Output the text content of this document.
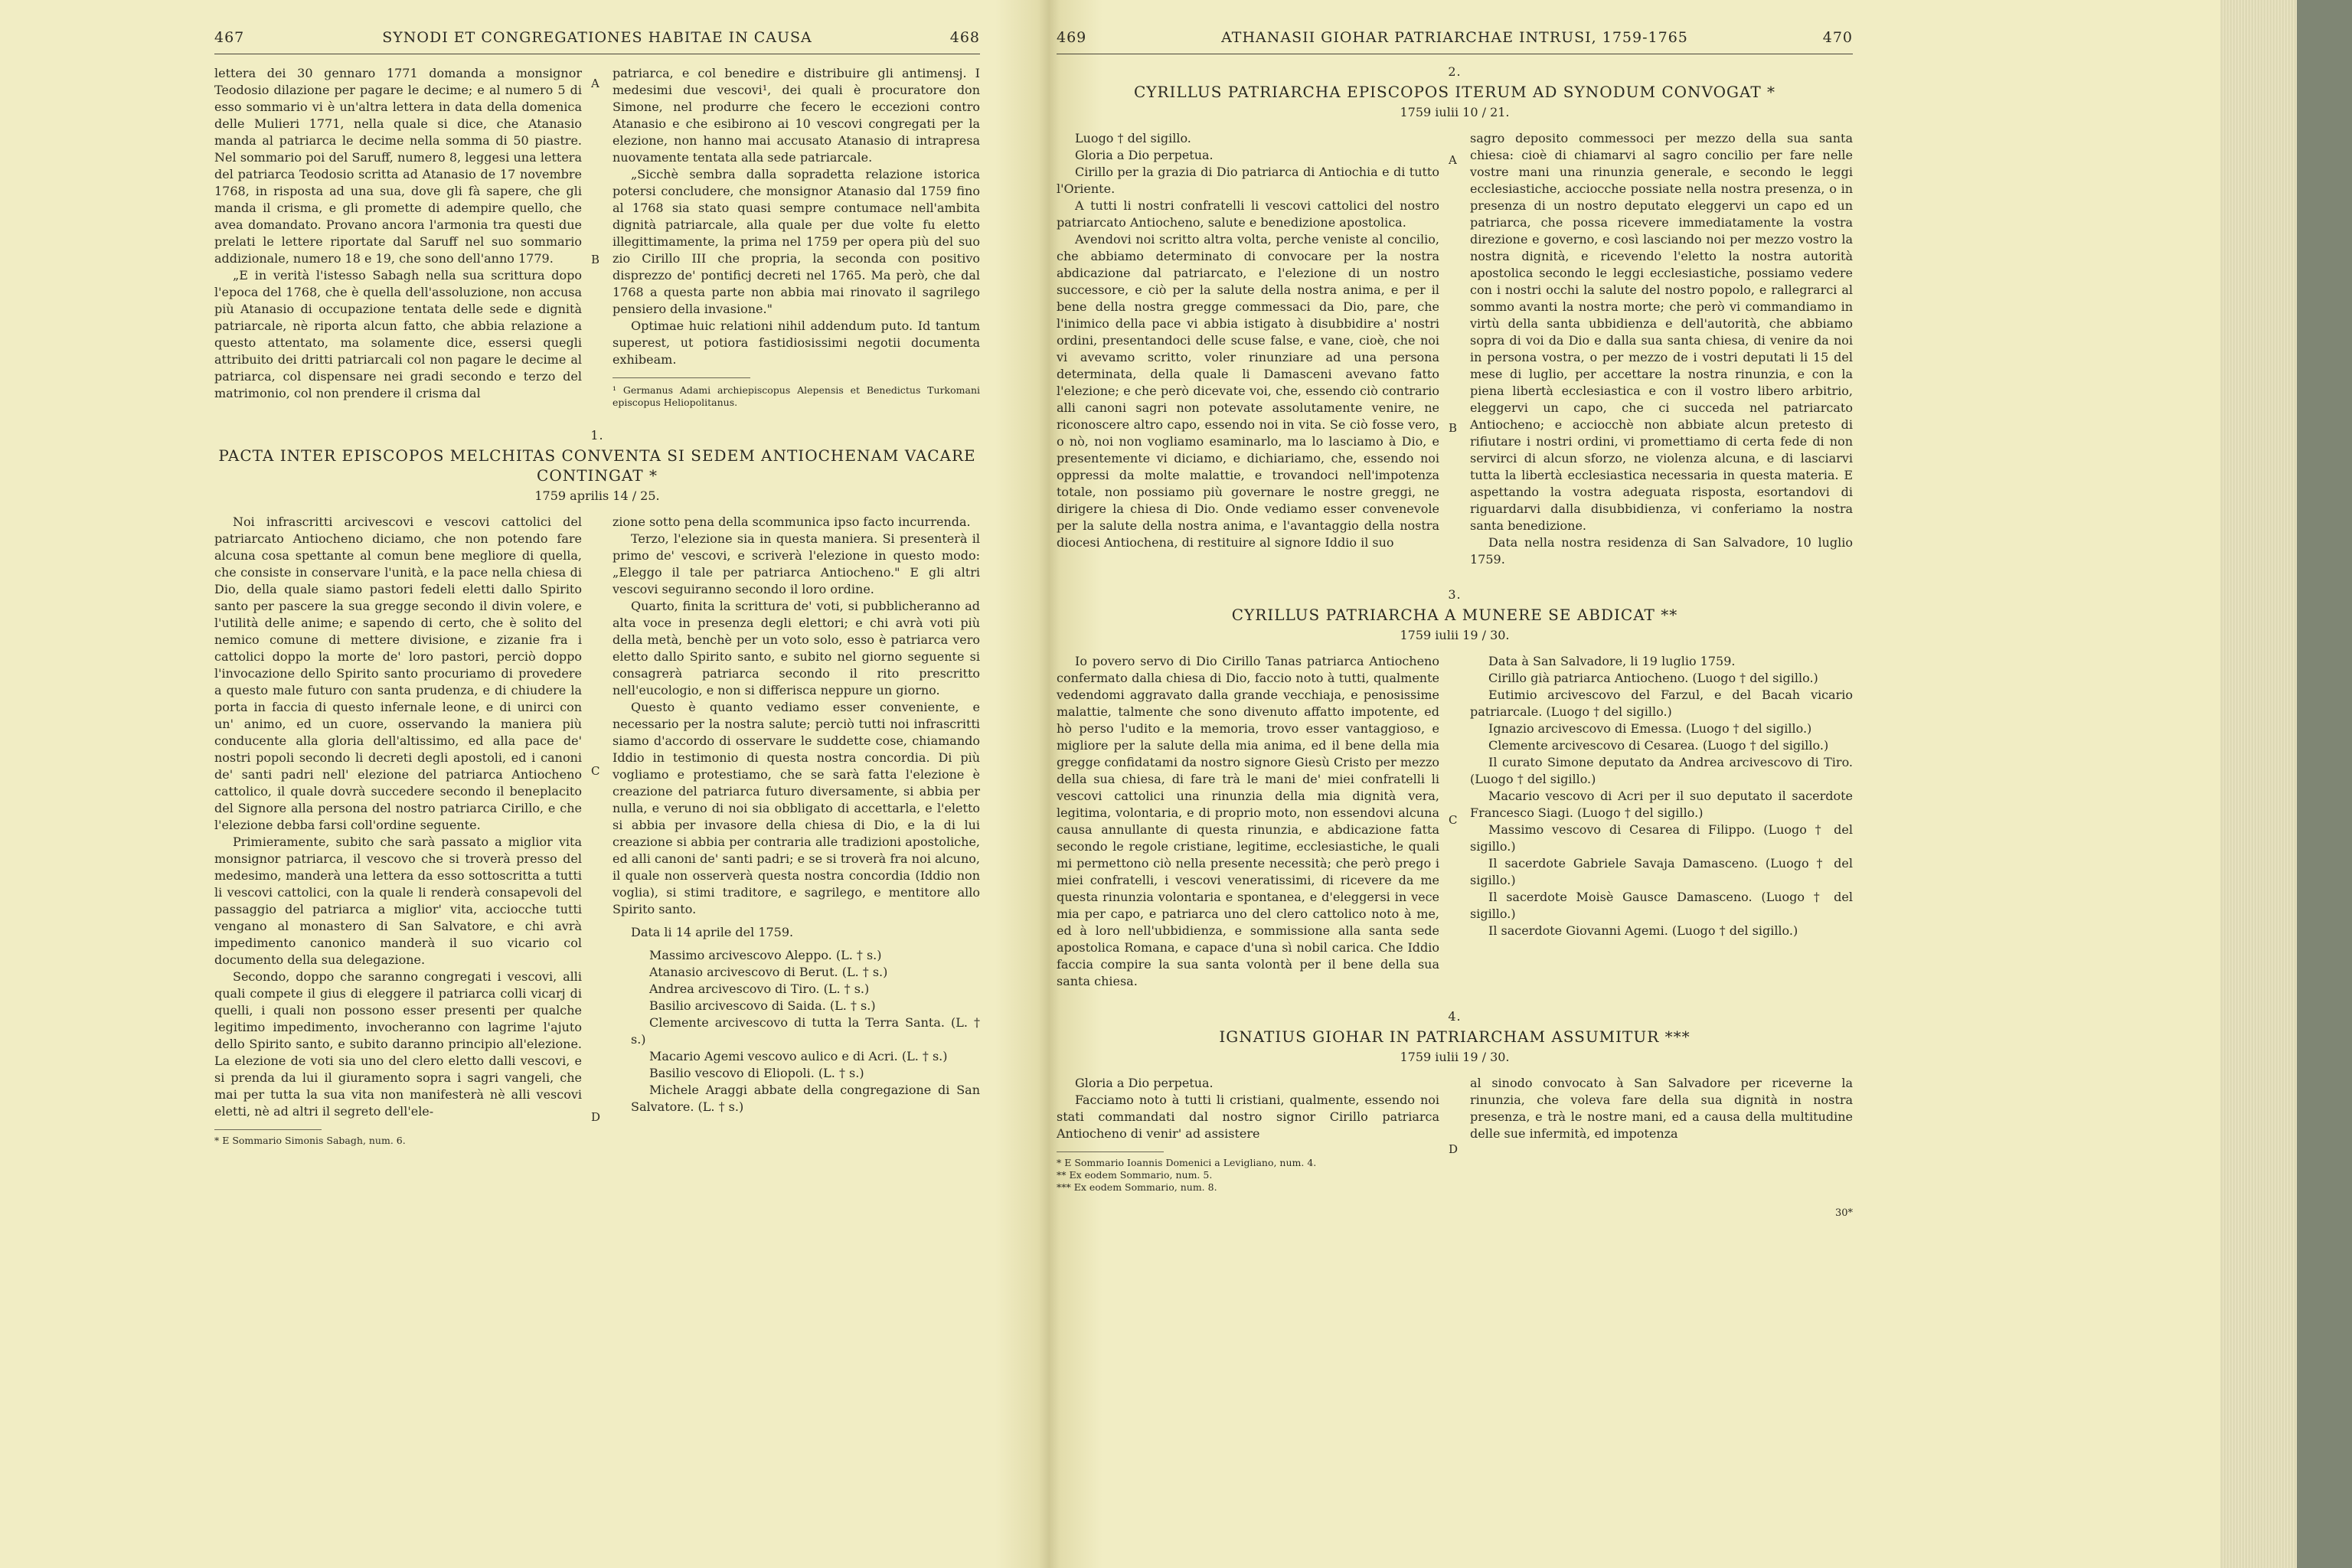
467	SYNODI ET CONGREGATIONES HABITAE IN CAUSA	468

lettera dei 30 gennaro 1771 domanda a monsignor Teodosio dilazione per pagare le decime; e al numero 5 di esso sommario vi è un'altra lettera in data della domenica delle Mulieri 1771, nella quale si dice, che Atanasio manda al patriarca le decime nella somma di 50 piastre. Nel sommario poi del Saruff, numero 8, leggesi una lettera del patriarca Teodosio scritta ad Atanasio de 17 novembre 1768, in risposta ad una sua, dove gli fà sapere, che gli manda il crisma, e gli promette di adempire quello, che avea domandato. Provano ancora l'armonia tra questi due prelati le lettere riportate dal Saruff nel suo sommario addizionale, numero 18 e 19, che sono dell'anno 1779.

„E in verità l'istesso Sabagh nella sua scrittura dopo l'epoca del 1768, che è quella dell'assoluzione, non accusa più Atanasio di occupazione tentata delle sede e dignità patriarcale, nè riporta alcun fatto, che abbia relazione a questo attentato, ma solamente dice, essersi quegli attribuito dei dritti patriarcali col non pagare le decime al patriarca, col dispensare nei gradi secondo e terzo del matrimonio, col non prendere il crisma dal

patriarca, e col benedire e distribuire gli antimensj. I medesimi due vescovi¹, dei quali è procuratore don Simone, nel produrre che fecero le eccezioni contro Atanasio e che esibirono ai 10 vescovi congregati per la elezione, non hanno mai accusato Atanasio di intrapresa nuovamente tentata alla sede patriarcale.

„Sicchè sembra dalla sopradetta relazione istorica potersi concludere, che monsignor Atanasio dal 1759 fino al 1768 sia stato quasi sempre contumace nell'ambita dignità patriarcale, alla quale per due volte fu eletto illegittimamente, la prima nel 1759 per opera più del suo zio Cirillo III che propria, la seconda con positivo disprezzo de' pontificj decreti nel 1765. Ma però, che dal 1768 a questa parte non abbia mai rinovato il sagrilego pensiero della invasione."

Optimae huic relationi nihil addendum puto. Id tantum superest, ut potiora fastidiosissimi negotii documenta exhibeam.

¹ Germanus Adami archiepiscopus Alepensis et Benedictus Turkomani episcopus Heliopolitanus.
1.
PACTA INTER EPISCOPOS MELCHITAS CONVENTA SI SEDEM ANTIOCHENAM VACARE CONTINGAT *
1759 aprilis 14 / 25.

Noi infrascritti arcivescovi e vescovi cattolici del patriarcato Antiocheno diciamo, che non potendo fare alcuna cosa spettante al comun bene megliore di quella, che consiste in conservare l'unità, e la pace nella chiesa di Dio, della quale siamo pastori fedeli eletti dallo Spirito santo per pascere la sua gregge secondo il divin volere, e l'utilità delle anime; e sapendo di certo, che è solito del nemico comune di mettere divisione, e zizanie fra i cattolici doppo la morte de' loro pastori, perciò doppo l'invocazione dello Spirito santo procuriamo di provedere a questo male futuro con santa prudenza, e di chiudere la porta in faccia di questo infernale leone, e di unirci con un' animo, ed un cuore, osservando la maniera più conducente alla gloria dell'altissimo, ed alla pace de' nostri popoli secondo li decreti degli apostoli, ed i canoni de' santi padri nell' elezione del patriarca Antiocheno cattolico, il quale dovrà succedere secondo il beneplacito del Signore alla persona del nostro patriarca Cirillo, e che l'elezione debba farsi coll'ordine seguente.

Primieramente, subito che sarà passato a miglior vita monsignor patriarca, il vescovo che si troverà presso del medesimo, manderà una lettera da esso sottoscritta a tutti li vescovi cattolici, con la quale li renderà consapevoli del passaggio del patriarca a miglior' vita, acciocche tutti vengano al monastero di San Salvatore, e chi avrà impedimento canonico manderà il suo vicario col documento della sua delegazione.

Secondo, doppo che saranno congregati i vescovi, alli quali compete il gius di eleggere il patriarca colli vicarj di quelli, i quali non possono esser presenti per qualche legitimo impedimento, invocheranno con lagrime l'ajuto dello Spirito santo, e subito daranno principio all'elezione. La elezione de voti sia uno del clero eletto dalli vescovi, e si prenda da lui il giuramento sopra i sagri vangeli, che mai per tutta la sua vita non manifesterà nè alli vescovi eletti, nè ad altri il segreto dell'ele-

* E Sommario Simonis Sabagh, num. 6.

zione sotto pena della scommunica ipso facto incurrenda.

Terzo, l'elezione sia in questa maniera. Si presenterà il primo de' vescovi, e scriverà l'elezione in questo modo: „Eleggo il tale per patriarca Antiocheno." E gli altri vescovi seguiranno secondo il loro ordine.

Quarto, finita la scrittura de' voti, si pubblicheranno ad alta voce in presenza degli elettori; e chi avrà voti più della metà, benchè per un voto solo, esso è patriarca vero eletto dallo Spirito santo, e subito nel giorno seguente si consagrerà patriarca secondo il rito prescritto nell'eucologio, e non si differisca neppure un giorno.

Questo è quanto vediamo esser conveniente, e necessario per la nostra salute; perciò tutti noi infrascritti siamo d'accordo di osservare le suddette cose, chiamando Iddio in testimonio di questa nostra concordia. Di più vogliamo e protestiamo, che se sarà fatta l'elezione è creazione del patriarca futuro diversamente, si abbia per nulla, e veruno di noi sia obbligato di accettarla, e l'eletto si abbia per invasore della chiesa di Dio, e la di lui creazione si abbia per contraria alle tradizioni apostoliche, ed alli canoni de' santi padri; e se si troverà fra noi alcuno, il quale non osserverà questa nostra concordia (Iddio non voglia), si stimi traditore, e sagrilego, e mentitore allo Spirito santo.

Data li 14 aprile del 1759.

Massimo arcivescovo Aleppo. (L. † s.)

Atanasio arcivescovo di Berut. (L. † s.)

Andrea arcivescovo di Tiro. (L. † s.)

Basilio arcivescovo di Saida. (L. † s.)

Clemente arcivescovo di tutta la Terra Santa. (L. † s.)

Macario Agemi vescovo aulico e di Acri. (L. † s.)

Basilio vescovo di Eliopoli. (L. † s.)

Michele Araggi abbate della congregazione di San Salvatore. (L. † s.)

A
B
C
D
469	ATHANASII GIOHAR PATRIARCHAE INTRUSI, 1759-1765	470
2.
CYRILLUS PATRIARCHA EPISCOPOS ITERUM AD SYNODUM CONVOGAT *
1759 iulii 10 / 21.

Luogo † del sigillo.

Gloria a Dio perpetua.

Cirillo per la grazia di Dio patriarca di Antiochia e di tutto l'Oriente.

A tutti li nostri confratelli li vescovi cattolici del nostro patriarcato Antiocheno, salute e benedizione apostolica.

Avendovi noi scritto altra volta, perche veniste al concilio, che abbiamo determinato di convocare per la nostra abdicazione dal patriarcato, e l'elezione di un nostro successore, e ciò per la salute della nostra anima, e per il bene della nostra gregge commessaci da Dio, pare, che l'inimico della pace vi abbia istigato à disubbidire a' nostri ordini, presentandoci delle scuse false, e vane, cioè, che noi vi avevamo scritto, voler rinunziare ad una persona determinata, della quale li Damasceni avevano fatto l'elezione; e che però dicevate voi, che, essendo ciò contrario alli canoni sagri non potevate assolutamente venire, ne riconoscere altro capo, essendo noi in vita. Se ciò fosse vero, o nò, noi non vogliamo esaminarlo, ma lo lasciamo à Dio, e presentemente vi diciamo, e dichiariamo, che, essendo noi oppressi da molte malattie, e trovandoci nell'impotenza totale, non possiamo più governare le nostre greggi, ne dirigere la chiesa di Dio. Onde vediamo esser convenevole per la salute della nostra anima, e l'avantaggio della nostra diocesi Antiochena, di restituire al signore Iddio il suo

sagro deposito commessoci per mezzo della sua santa chiesa: cioè di chiamarvi al sagro concilio per fare nelle vostre mani una rinunzia generale, e secondo le leggi ecclesiastiche, acciocche possiate nella nostra presenza, o in presenza di un nostro deputato eleggervi un capo ed un patriarca, che possa ricevere immediatamente la vostra direzione e governo, e così lasciando noi per mezzo vostro la nostra dignità, e ricevendo l'eletto la nostra autorità apostolica secondo le leggi ecclesiastiche, possiamo vedere con i nostri occhi la salute del nostro popolo, e rallegrarci al sommo avanti la nostra morte; che però vi commandiamo in virtù della santa ubbidienza e dell'autorità, che abbiamo sopra di voi da Dio e dalla sua santa chiesa, di venire da noi in persona vostra, o per mezzo de i vostri deputati li 15 del mese di luglio, per accettare la nostra rinunzia, e con la piena libertà ecclesiastica e con il vostro libero arbitrio, eleggervi un capo, che ci succeda nel patriarcato Antiocheno; e acciocchè non abbiate alcun pretesto di rifiutare i nostri ordini, vi promettiamo di certa fede di non servirci di alcun sforzo, ne violenza alcuna, e di lasciarvi tutta la libertà ecclesiastica necessaria in questa materia. E aspettando la vostra adeguata risposta, esortandovi di riguardarvi dalla disubbidienza, vi conferiamo la nostra santa benedizione.

Data nella nostra residenza di San Salvadore, 10 luglio 1759.

3.
CYRILLUS PATRIARCHA A MUNERE SE ABDICAT **
1759 iulii 19 / 30.

Io povero servo di Dio Cirillo Tanas patriarca Antiocheno confermato dalla chiesa di Dio, faccio noto à tutti, qualmente vedendomi aggravato dalla grande vecchiaja, e penosissime malattie, talmente che sono divenuto affatto impotente, ed hò perso l'udito e la memoria, trovo esser vantaggioso, e migliore per la salute della mia anima, ed il bene della mia gregge confidatami da nostro signore Giesù Cristo per mezzo della sua chiesa, di fare trà le mani de' miei confratelli li vescovi cattolici una rinunzia della mia dignità vera, legitima, volontaria, e di proprio moto, non essendovi alcuna causa annullante di questa rinunzia, e abdicazione fatta secondo le regole cristiane, legitime, ecclesiastiche, le quali mi permettono ciò nella presente necessità; che però prego i miei confratelli, i vescovi veneratissimi, di ricevere da me questa rinunzia volontaria e spontanea, e d'eleggersi in vece mia per capo, e patriarca uno del clero cattolico noto à me, ed à loro nell'ubbidienza, e sommissione alla santa sede apostolica Romana, e capace d'una sì nobil carica. Che Iddio faccia compire la sua santa volontà per il bene della sua santa chiesa.

Data à San Salvadore, li 19 luglio 1759.

Cirillo già patriarca Antiocheno. (Luogo † del sigillo.)

Eutimio arcivescovo del Farzul, e del Bacah vicario patriarcale. (Luogo † del sigillo.)

Ignazio arcivescovo di Emessa. (Luogo † del sigillo.)

Clemente arcivescovo di Cesarea. (Luogo † del sigillo.)

Il curato Simone deputato da Andrea arcivescovo di Tiro. (Luogo † del sigillo.)

Macario vescovo di Acri per il suo deputato il sacerdote Francesco Siagi. (Luogo † del sigillo.)

Massimo vescovo di Cesarea di Filippo. (Luogo † del sigillo.)

Il sacerdote Gabriele Savaja Damasceno. (Luogo † del sigillo.)

Il sacerdote Moisè Gausce Damasceno. (Luogo † del sigillo.)

Il sacerdote Giovanni Agemi. (Luogo † del sigillo.)

4.
IGNATIUS GIOHAR IN PATRIARCHAM ASSUMITUR ***
1759 iulii 19 / 30.

Gloria a Dio perpetua.

Facciamo noto à tutti li cristiani, qualmente, essendo noi stati commandati dal nostro signor Cirillo patriarca Antiocheno di venir' ad assistere

* E Sommario Ioannis Domenici a Leviglianо, num. 4.
** Ex eodem Sommario, num. 5.
*** Ex eodem Sommario, num. 8.

al sinodo convocato à San Salvadore per riceverne la rinunzia, che voleva fare della sua dignità in nostra presenza, e trà le nostre mani, ed a causa della multitudine delle sue infermità, ed impotenza

30*
A
B
C
D
